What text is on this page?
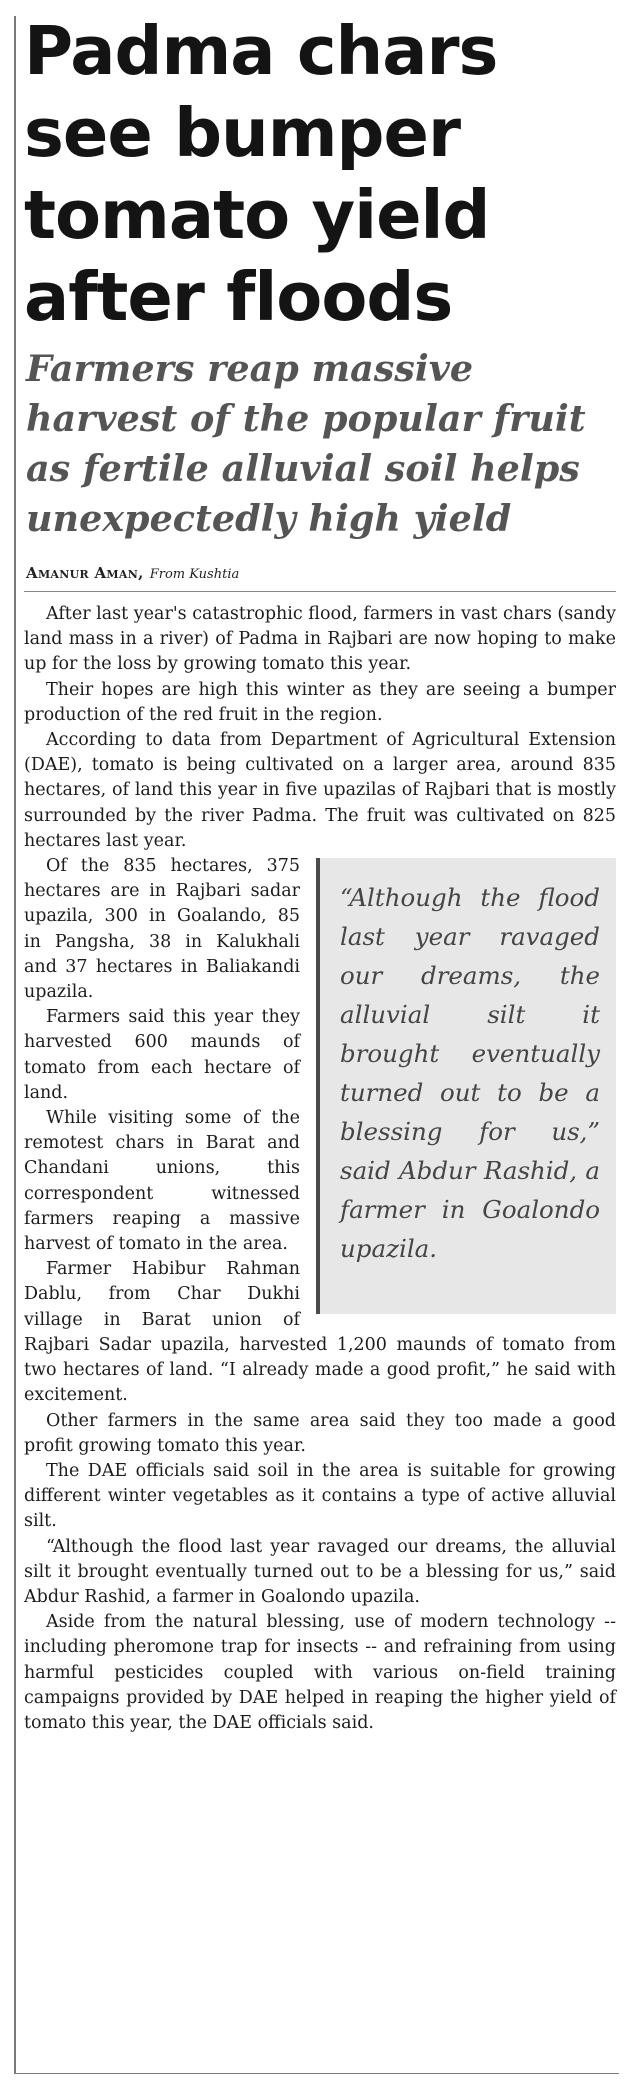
Padma chars see bumper tomato yield after floods
Farmers reap massive harvest of the popular fruit as fertile alluvial soil helps unexpectedly high yield
Amanur Aman, From Kushtia

After last year's catastrophic flood, farmers in vast chars (sandy land mass in a river) of Padma in Rajbari are now hoping to make up for the loss by growing tomato this year.

Their hopes are high this winter as they are seeing a bumper production of the red fruit in the region.

According to data from Department of Agricultural Extension (DAE), tomato is being cultivated on a larger area, around 835 hectares, of land this year in five upazilas of Rajbari that is mostly surrounded by the river Padma. The fruit was cultivated on 825 hectares last year.

“Although the flood last year ravaged our dreams, the alluvial silt it brought eventually turned out to be a blessing for us,” said Abdur Rashid, a farmer in Goalondo upazila.

Of the 835 hectares, 375 hectares are in Rajbari sadar upazila, 300 in Goalando, 85 in Pangsha, 38 in Kalukhali and 37 hectares in Baliakandi upazila.

Farmers said this year they harvested 600 maunds of tomato from each hectare of land.

While visiting some of the remotest chars in Barat and Chandani unions, this correspondent witnessed farmers reaping a massive harvest of tomato in the area.

Farmer Habibur Rahman Dablu, from Char Dukhi village in Barat union of Rajbari Sadar upazila, harvested 1,200 maunds of tomato from two hectares of land. “I already made a good profit,” he said with excitement.

Other farmers in the same area said they too made a good profit growing tomato this year.

The DAE officials said soil in the area is suitable for growing different winter vegetables as it contains a type of active alluvial silt.

“Although the flood last year ravaged our dreams, the alluvial silt it brought eventually turned out to be a blessing for us,” said Abdur Rashid, a farmer in Goalondo upazila.

Aside from the natural blessing, use of modern technology -- including pheromone trap for insects -- and refraining from using harmful pesticides coupled with various on-field training campaigns provided by DAE helped in reaping the higher yield of tomato this year, the DAE officials said.
